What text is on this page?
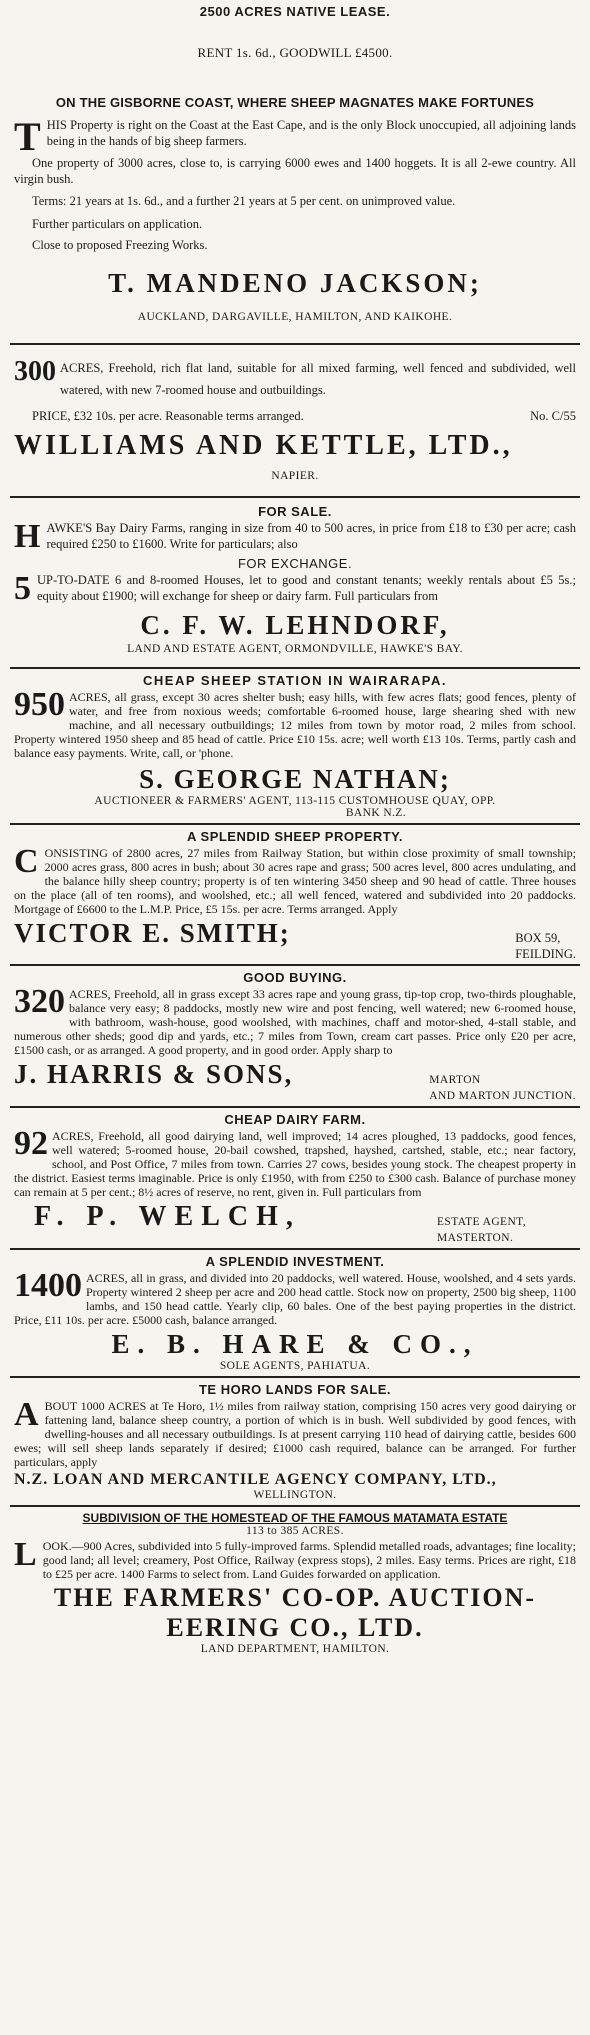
2500 ACRES NATIVE LEASE.
RENT 1s. 6d., GOODWILL £4500.
ON THE GISBORNE COAST, WHERE SHEEP MAGNATES MAKE FORTUNES
T HIS Property is right on the Coast at the East Cape, and is the only Block unoccupied, all adjoining lands being in the hands of big sheep farmers.

One property of 3000 acres, close to, is carrying 6000 ewes and 1400 hoggets. It is all 2-ewe country. All virgin bush.

Terms: 21 years at 1s. 6d., and a further 21 years at 5 per cent. on unimproved value.

Further particulars on application.

Close to proposed Freezing Works.

T. MANDENO JACKSON;
AUCKLAND, DARGAVILLE, HAMILTON, AND KAIKOHE.
300 ACRES, Freehold, rich flat land, suitable for all mixed farming, well fenced and subdivided, well watered, with new 7-roomed house and outbuildings.

PRICE, £32 10s. per acre. Reasonable terms arranged.	No. C/55
WILLIAMS AND KETTLE, LTD.,
NAPIER.
FOR SALE.
H AWKE'S Bay Dairy Farms, ranging in size from 40 to 500 acres, in price from £18 to £30 per acre; cash required £250 to £1600. Write for particulars; also

FOR EXCHANGE.
5 UP-TO-DATE 6 and 8-roomed Houses, let to good and constant tenants; weekly rentals about £5 5s.; equity about £1900; will exchange for sheep or dairy farm. Full particulars from

C. F. W. LEHNDORF,
LAND AND ESTATE AGENT, ORMONDVILLE, HAWKE'S BAY.
CHEAP SHEEP STATION IN WAIRARAPA.
950 ACRES, all grass, except 30 acres shelter bush; easy hills, with few acres flats; good fences, plenty of water, and free from noxious weeds; comfortable 6-roomed house, large shearing shed with new machine, and all necessary outbuildings; 12 miles from town by motor road, 2 miles from school. Property wintered 1950 sheep and 85 head of cattle. Price £10 15s. acre; well worth £13 10s. Terms, partly cash and balance easy payments. Write, call, or 'phone.

S. GEORGE NATHAN;
AUCTIONEER & FARMERS' AGENT, 113-115 CUSTOMHOUSE QUAY, OPP.
BANK N.Z.
A SPLENDID SHEEP PROPERTY.
C ONSISTING of 2800 acres, 27 miles from Railway Station, but within close proximity of small township; 2000 acres grass, 800 acres in bush; about 30 acres rape and grass; 500 acres level, 800 acres undulating, and the balance hilly sheep country; property is of ten wintering 3450 sheep and 90 head of cattle. Three houses on the place (all of ten rooms), and woolshed, etc.; all well fenced, watered and subdivided into 20 paddocks. Mortgage of £6600 to the L.M.P. Price, £5 15s. per acre. Terms arranged. Apply

VICTOR E. SMITH;	BOX 59,
FEILDING.
GOOD BUYING.
320 ACRES, Freehold, all in grass except 33 acres rape and young grass, tip-top crop, two-thirds ploughable, balance very easy; 8 paddocks, mostly new wire and post fencing, well watered; new 6-roomed house, with bathroom, wash-house, good woolshed, with machines, chaff and motor-shed, 4-stall stable, and numerous other sheds; good dip and yards, etc.; 7 miles from Town, cream cart passes. Price only £20 per acre, £1500 cash, or as arranged. A good property, and in good order. Apply sharp to

J. HARRIS & SONS,	MARTON
AND MARTON JUNCTION.
CHEAP DAIRY FARM.
92 ACRES, Freehold, all good dairying land, well improved; 14 acres ploughed, 13 paddocks, good fences, well watered; 5-roomed house, 20-bail cowshed, trapshed, hayshed, cartshed, stable, etc.; near factory, school, and Post Office, 7 miles from town. Carries 27 cows, besides young stock. The cheapest property in the district. Easiest terms imaginable. Price is only £1950, with from £250 to £300 cash. Balance of purchase money can remain at 5 per cent.; 8½ acres of reserve, no rent, given in. Full particulars from

F. P. WELCH,	ESTATE AGENT,
MASTERTON.
A SPLENDID INVESTMENT.
1400 ACRES, all in grass, and divided into 20 paddocks, well watered. House, woolshed, and 4 sets yards. Property wintered 2 sheep per acre and 200 head cattle. Stock now on property, 2500 big sheep, 1100 lambs, and 150 head cattle. Yearly clip, 60 bales. One of the best paying properties in the district. Price, £11 10s. per acre. £5000 cash, balance arranged.

E. B. HARE & CO.,
SOLE AGENTS, PAHIATUA.
TE HORO LANDS FOR SALE.
A BOUT 1000 ACRES at Te Horo, 1½ miles from railway station, comprising 150 acres very good dairying or fattening land, balance sheep country, a portion of which is in bush. Well subdivided by good fences, with dwelling-houses and all necessary outbuildings. Is at present carrying 110 head of dairying cattle, besides 600 ewes; will sell sheep lands separately if desired; £1000 cash required, balance can be arranged. For further particulars, apply

N.Z. LOAN AND MERCANTILE AGENCY COMPANY, LTD.,
WELLINGTON.
SUBDIVISION OF THE HOMESTEAD OF THE FAMOUS MATAMATA ESTATE
113 to 385 ACRES.
L OOK.—900 Acres, subdivided into 5 fully-improved farms. Splendid metalled roads, advantages; fine locality; good land; all level; creamery, Post Office, Railway (express stops), 2 miles. Easy terms. Prices are right, £18 to £25 per acre. 1400 Farms to select from. Land Guides forwarded on application.

THE FARMERS' CO-OP. AUCTION-
EERING CO., LTD.
LAND DEPARTMENT, HAMILTON.
